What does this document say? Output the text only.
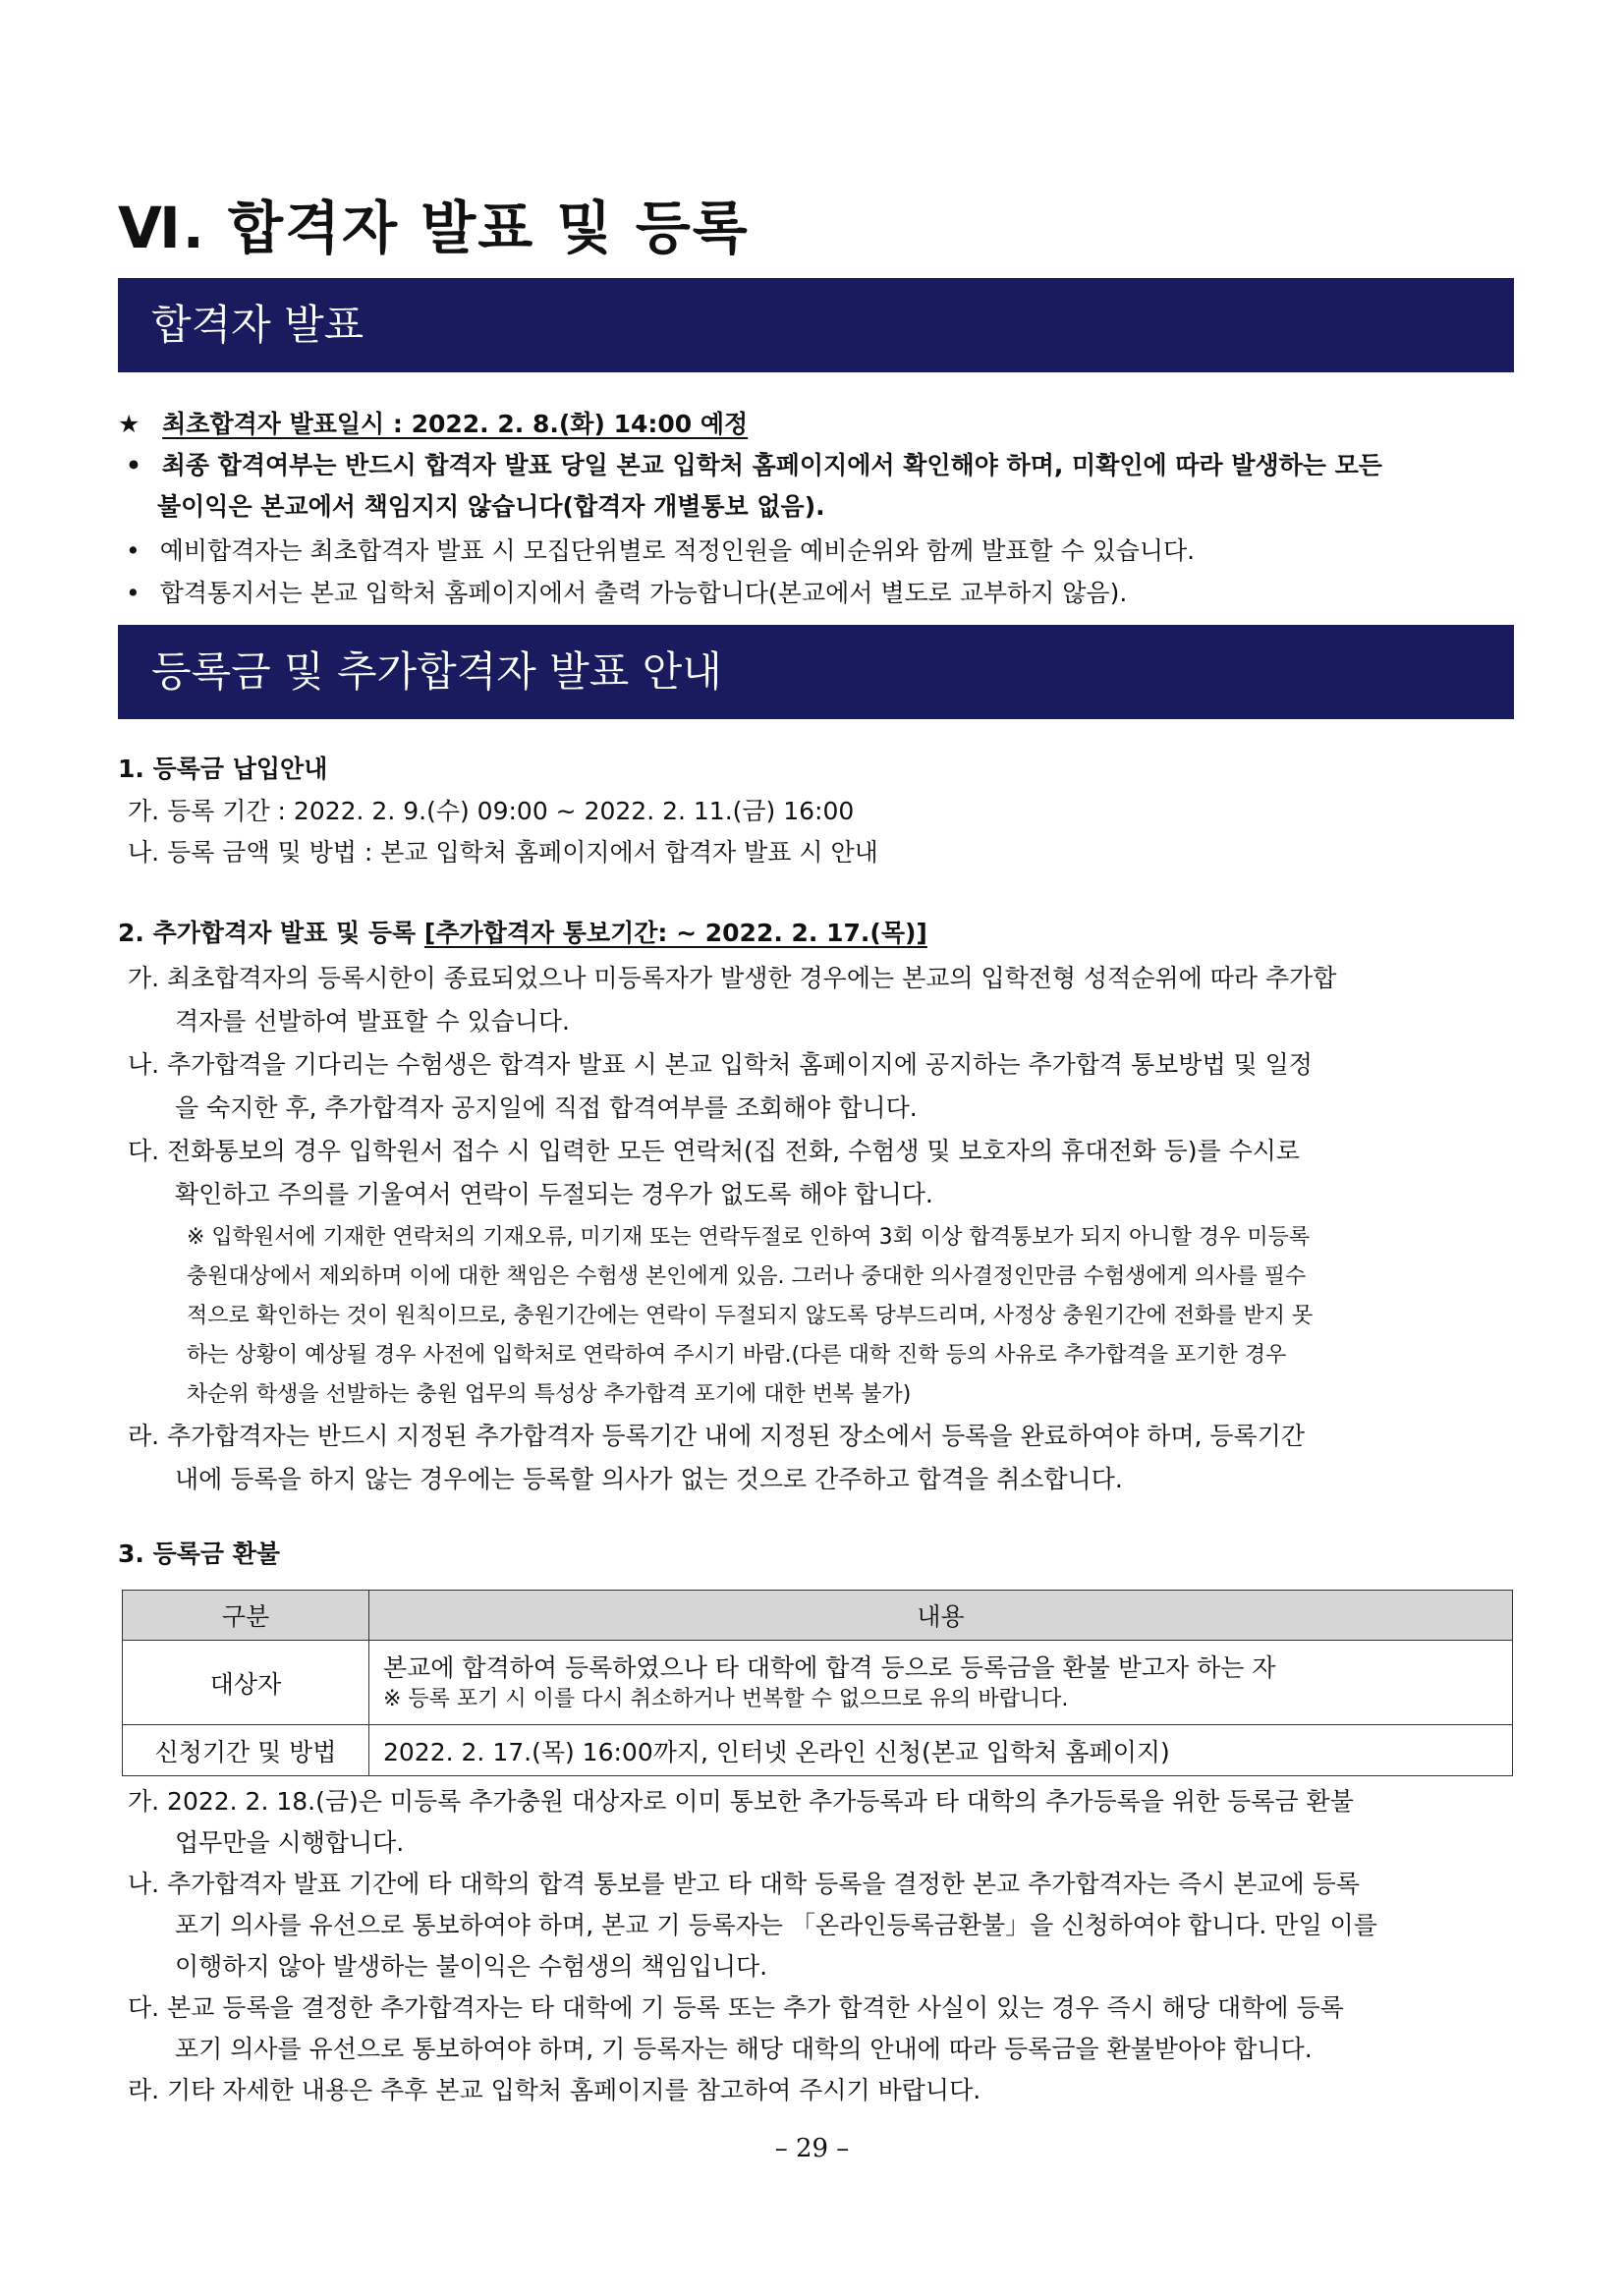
Ⅵ. 합격자 발표 및 등록
합격자 발표
★ 최초합격자 발표일시 : 2022. 2. 8.(화) 14:00 예정
• 최종 합격여부는 반드시 합격자 발표 당일 본교 입학처 홈페이지에서 확인해야 하며, 미확인에 따라 발생하는 모든
불이익은 본교에서 책임지지 않습니다(합격자 개별통보 없음).
• 예비합격자는 최초합격자 발표 시 모집단위별로 적정인원을 예비순위와 함께 발표할 수 있습니다.
• 합격통지서는 본교 입학처 홈페이지에서 출력 가능합니다(본교에서 별도로 교부하지 않음).
등록금 및 추가합격자 발표 안내
1. 등록금 납입안내
가. 등록 기간 : 2022. 2. 9.(수) 09:00 ~ 2022. 2. 11.(금) 16:00
나. 등록 금액 및 방법 : 본교 입학처 홈페이지에서 합격자 발표 시 안내
2. 추가합격자 발표 및 등록 [추가합격자 통보기간: ~ 2022. 2. 17.(목)]
가. 최초합격자의 등록시한이 종료되었으나 미등록자가 발생한 경우에는 본교의 입학전형 성적순위에 따라 추가합
격자를 선발하여 발표할 수 있습니다.
나. 추가합격을 기다리는 수험생은 합격자 발표 시 본교 입학처 홈페이지에 공지하는 추가합격 통보방법 및 일정
을 숙지한 후, 추가합격자 공지일에 직접 합격여부를 조회해야 합니다.
다. 전화통보의 경우 입학원서 접수 시 입력한 모든 연락처(집 전화, 수험생 및 보호자의 휴대전화 등)를 수시로
확인하고 주의를 기울여서 연락이 두절되는 경우가 없도록 해야 합니다.
※ 입학원서에 기재한 연락처의 기재오류, 미기재 또는 연락두절로 인하여 3회 이상 합격통보가 되지 아니할 경우 미등록
충원대상에서 제외하며 이에 대한 책임은 수험생 본인에게 있음. 그러나 중대한 의사결정인만큼 수험생에게 의사를 필수
적으로 확인하는 것이 원칙이므로, 충원기간에는 연락이 두절되지 않도록 당부드리며, 사정상 충원기간에 전화를 받지 못
하는 상황이 예상될 경우 사전에 입학처로 연락하여 주시기 바람.(다른 대학 진학 등의 사유로 추가합격을 포기한 경우
차순위 학생을 선발하는 충원 업무의 특성상 추가합격 포기에 대한 번복 불가)
라. 추가합격자는 반드시 지정된 추가합격자 등록기간 내에 지정된 장소에서 등록을 완료하여야 하며, 등록기간
내에 등록을 하지 않는 경우에는 등록할 의사가 없는 것으로 간주하고 합격을 취소합니다.
3. 등록금 환불
구분	내용
대상자	본교에 합격하여 등록하였으나 타 대학에 합격 등으로 등록금을 환불 받고자 하는 자
※ 등록 포기 시 이를 다시 취소하거나 번복할 수 없으므로 유의 바랍니다.

신청기간 및 방법	2022. 2. 17.(목) 16:00까지, 인터넷 온라인 신청(본교 입학처 홈페이지)
가. 2022. 2. 18.(금)은 미등록 추가충원 대상자로 이미 통보한 추가등록과 타 대학의 추가등록을 위한 등록금 환불
업무만을 시행합니다.
나. 추가합격자 발표 기간에 타 대학의 합격 통보를 받고 타 대학 등록을 결정한 본교 추가합격자는 즉시 본교에 등록
포기 의사를 유선으로 통보하여야 하며, 본교 기 등록자는 「온라인등록금환불」을 신청하여야 합니다. 만일 이를
이행하지 않아 발생하는 불이익은 수험생의 책임입니다.
다. 본교 등록을 결정한 추가합격자는 타 대학에 기 등록 또는 추가 합격한 사실이 있는 경우 즉시 해당 대학에 등록
포기 의사를 유선으로 통보하여야 하며, 기 등록자는 해당 대학의 안내에 따라 등록금을 환불받아야 합니다.
라. 기타 자세한 내용은 추후 본교 입학처 홈페이지를 참고하여 주시기 바랍니다.
– 29 –
